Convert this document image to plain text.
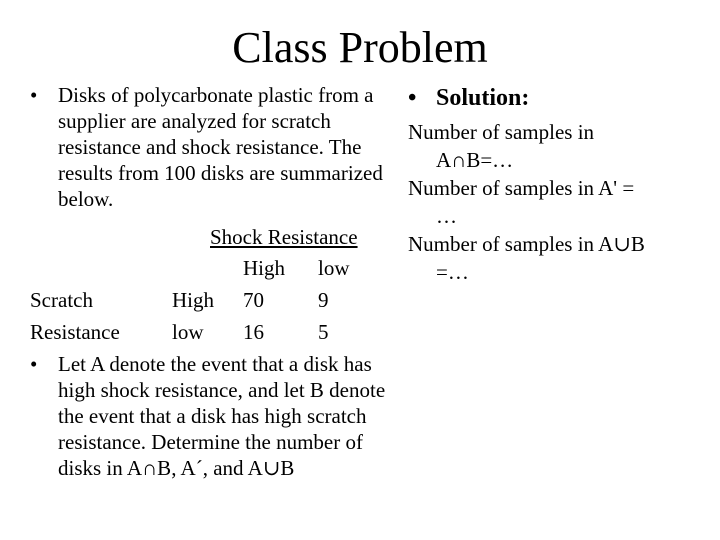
Class Problem
• Disks of polycarbonate plastic from a supplier are analyzed for scratch resistance and shock resistance. The results from 100 disks are summarized below.
Shock Resistance
		High	low
Scratch	High	70	9
Resistance	low	16	5
• Let A denote the event that a disk has high shock resistance, and let B denote the event that a disk has high scratch resistance. Determine the number of disks in A∩B, A´, and A∪B
• Solution:
Number of samples in
A∩B=…
Number of samples in A' =
…
Number of samples in A∪B
=…
